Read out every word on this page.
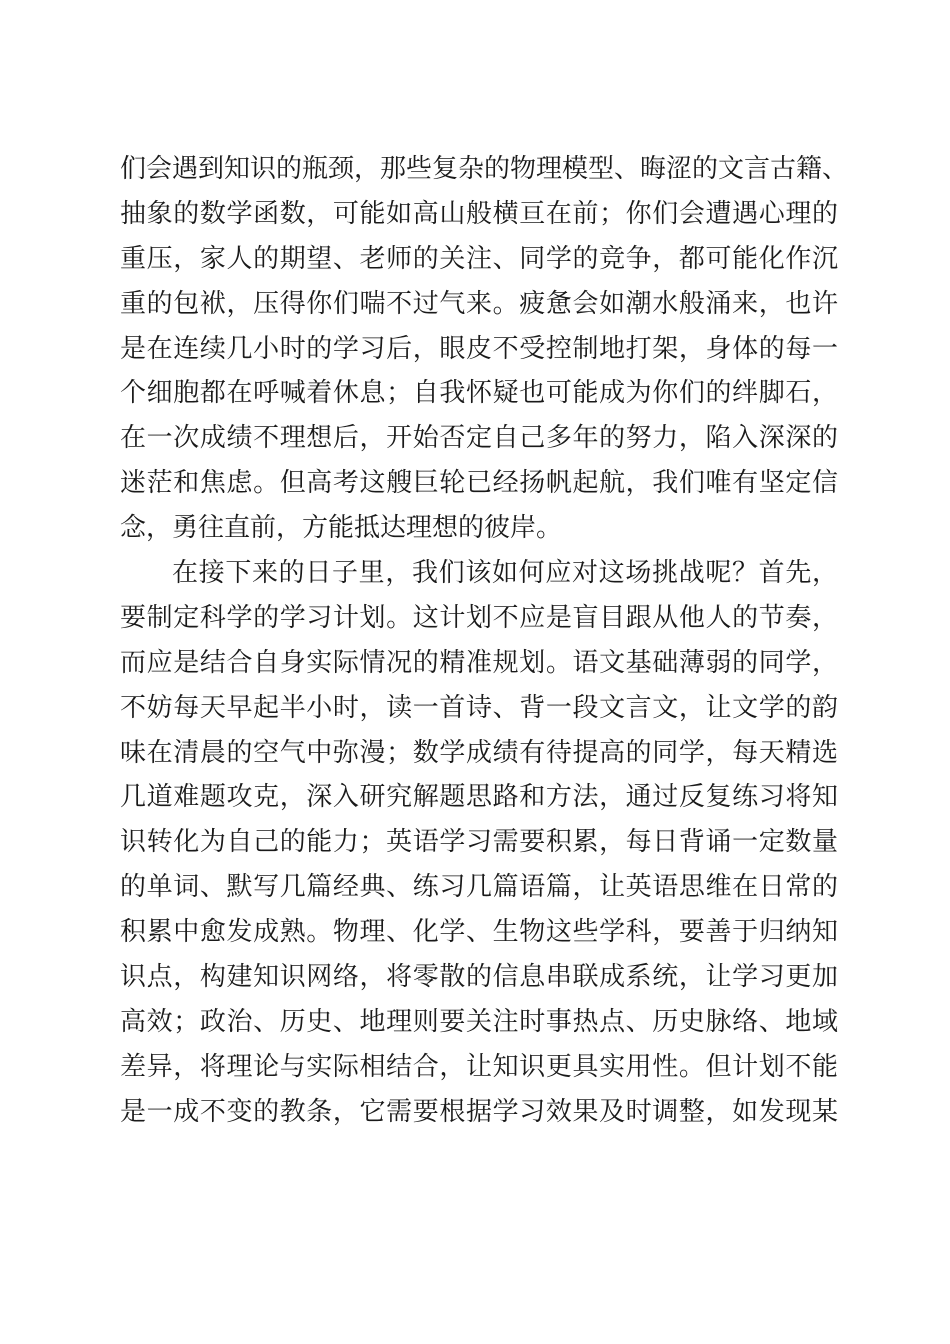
们会遇到知识的瓶颈，那些复杂的物理模型、晦涩的文言古籍、
抽象的数学函数，可能如高山般横亘在前；你们会遭遇心理的
重压，家人的期望、老师的关注、同学的竞争，都可能化作沉
重的包袱，压得你们喘不过气来。疲惫会如潮水般涌来，也许
是在连续几小时的学习后，眼皮不受控制地打架，身体的每一
个细胞都在呼喊着休息；自我怀疑也可能成为你们的绊脚石，
在一次成绩不理想后，开始否定自己多年的努力，陷入深深的
迷茫和焦虑。但高考这艘巨轮已经扬帆起航，我们唯有坚定信
念，勇往直前，方能抵达理想的彼岸。
在接下来的日子里，我们该如何应对这场挑战呢？首先，
要制定科学的学习计划。这计划不应是盲目跟从他人的节奏，
而应是结合自身实际情况的精准规划。语文基础薄弱的同学，
不妨每天早起半小时，读一首诗、背一段文言文，让文学的韵
味在清晨的空气中弥漫；数学成绩有待提高的同学，每天精选
几道难题攻克，深入研究解题思路和方法，通过反复练习将知
识转化为自己的能力；英语学习需要积累，每日背诵一定数量
的单词、默写几篇经典、练习几篇语篇，让英语思维在日常的
积累中愈发成熟。物理、化学、生物这些学科，要善于归纳知
识点，构建知识网络，将零散的信息串联成系统，让学习更加
高效；政治、历史、地理则要关注时事热点、历史脉络、地域
差异，将理论与实际相结合，让知识更具实用性。但计划不能
是一成不变的教条，它需要根据学习效果及时调整，如发现某
